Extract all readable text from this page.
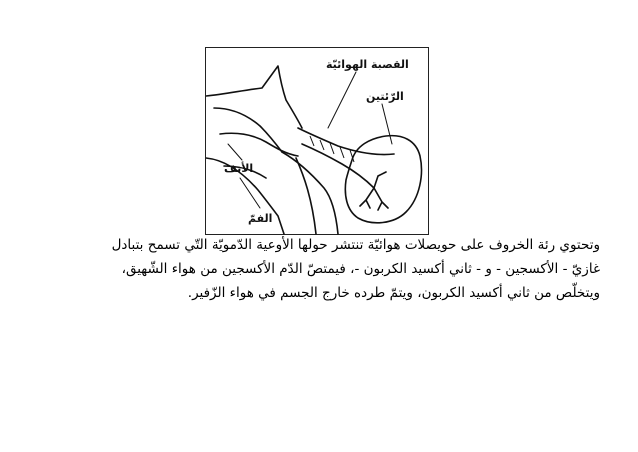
القصبة الهوائيّة
الرّئتين
الأنف
الفمّ
وتحتوي رئة الخروف على حويصلات هوائيّة تنتشر حولها الأوعية الدّمويّة التّي تسمح بتبادل
غازيّ - الأكسجين - و - ثاني أكسيد الكربون -، فيمتصّ الدّم الأكسجين من هواء الشّهيق،
ويتخلّص من ثاني أكسيد الكربون، ويتمّ طرده خارج الجسم في هواء الزّفير.
